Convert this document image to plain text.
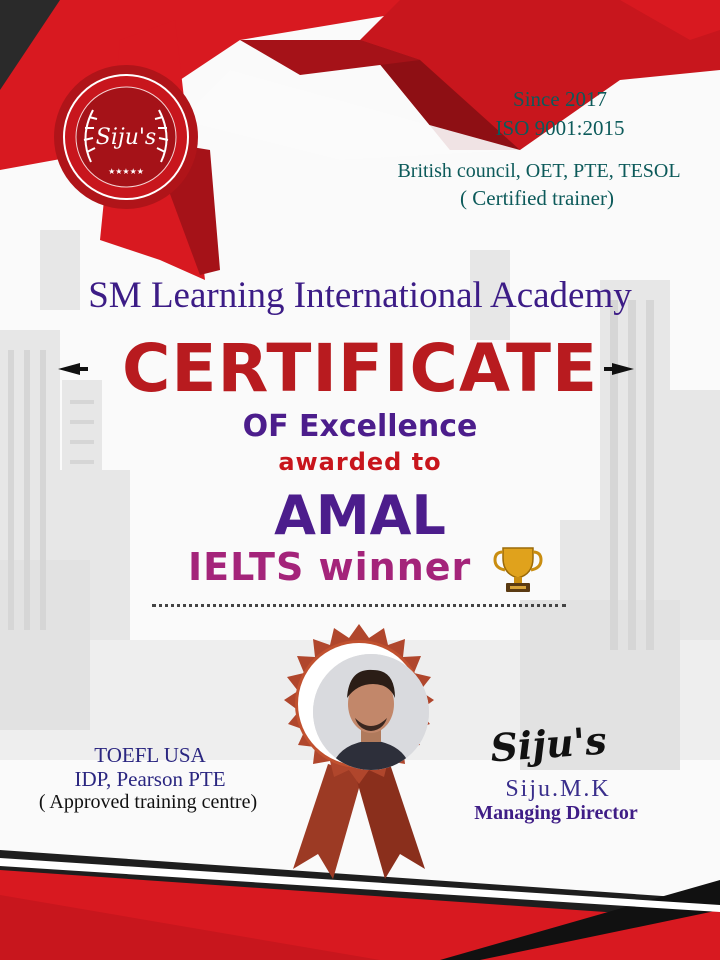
Siju's
★★★★★
Since 2017
ISO 9001:2015
British council, OET, PTE, TESOL
( Certified trainer)
SM Learning International Academy
CERTIFICATE
OF Excellence
awarded to
AMAL
IELTS winner
TOEFL USA
IDP, Pearson PTE
( Approved training centre)
Siju's
Siju.M.K
Managing Director
